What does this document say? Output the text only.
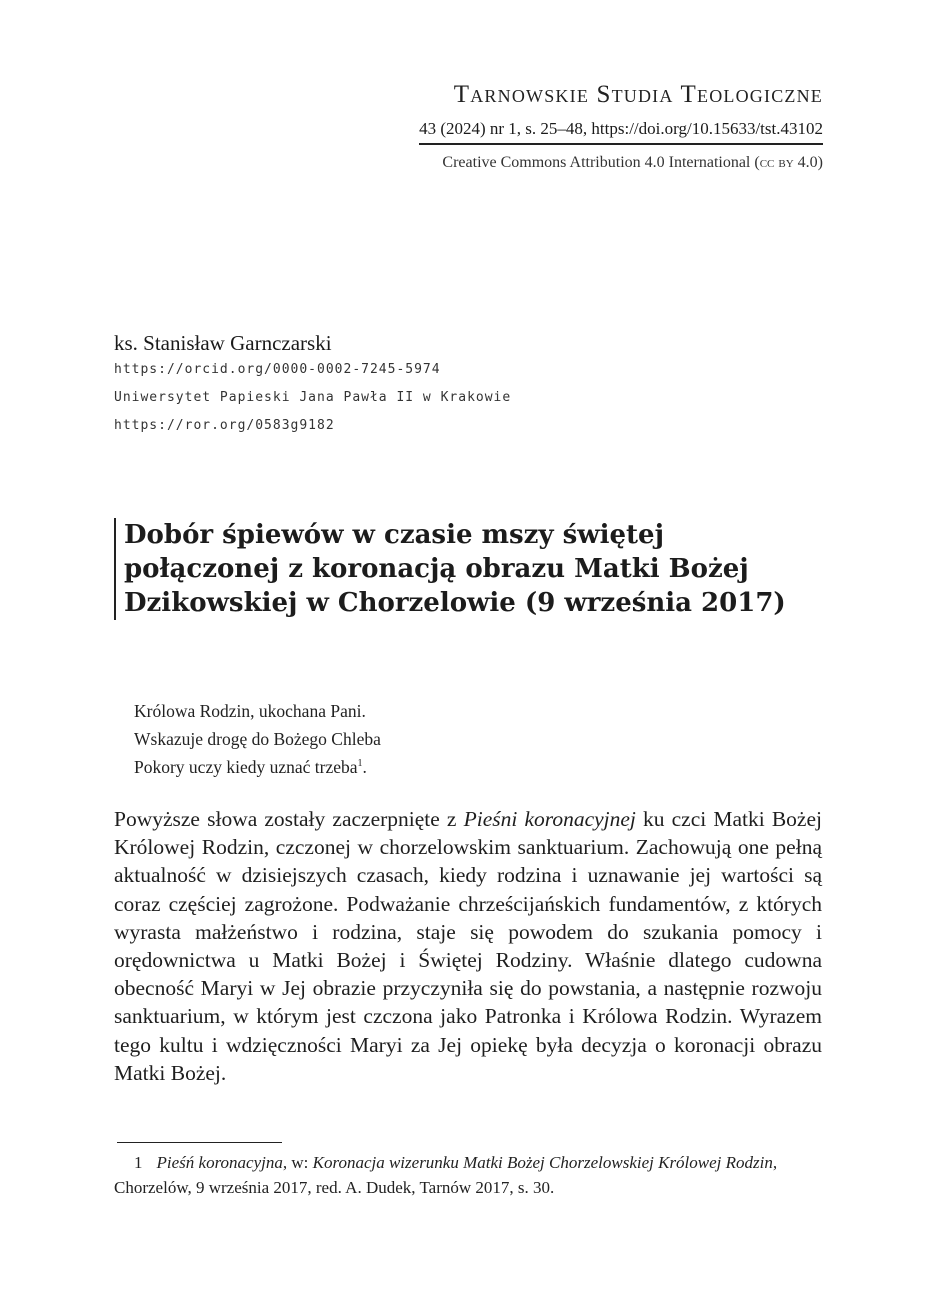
Tarnowskie Studia Teologiczne
43 (2024) nr 1, s. 25–48, https://doi.org/10.15633/tst.43102
Creative Commons Attribution 4.0 International (cc by 4.0)
ks. Stanisław Garnczarski
https://orcid.org/0000-0002-7245-5974
Uniwersytet Papieski Jana Pawła II w Krakowie
https://ror.org/0583g9182
Dobór śpiewów w czasie mszy świętej
połączonej z koronacją obrazu Matki Bożej
Dzikowskiej w Chorzelowie (9 września 2017)
Królowa Rodzin, ukochana Pani.
Wskazuje drogę do Bożego Chleba
Pokory uczy kiedy uznać trzeba$^1$.

Powyższe słowa zostały zaczerpnięte z Pieśni koronacyjnej ku czci Matki Bożej Królowej Rodzin, czczonej w chorzelowskim sanktuarium. Zachowują one pełną aktualność w dzisiejszych czasach, kiedy rodzina i uznawanie jej wartości są coraz częściej zagrożone. Podważanie chrześcijańskich fundamentów, z których wyrasta małżeństwo i rodzina, staje się powodem do szukania pomocy i orędownictwa u Matki Bożej i Świętej Rodziny. Właśnie dlatego cudowna obecność Maryi w Jej obrazie przyczyniła się do powstania, a następnie rozwoju sanktuarium, w którym jest czczona jako Patronka i Królowa Rodzin. Wyrazem tego kultu i wdzięczności Maryi za Jej opiekę była decyzja o koronacji obrazu Matki Bożej.

1 Pieśń koronacyjna, w: Koronacja wizerunku Matki Bożej Chorzelowskiej Królowej Rodzin, Chorzelów, 9 września 2017, red. A. Dudek, Tarnów 2017, s. 30.
